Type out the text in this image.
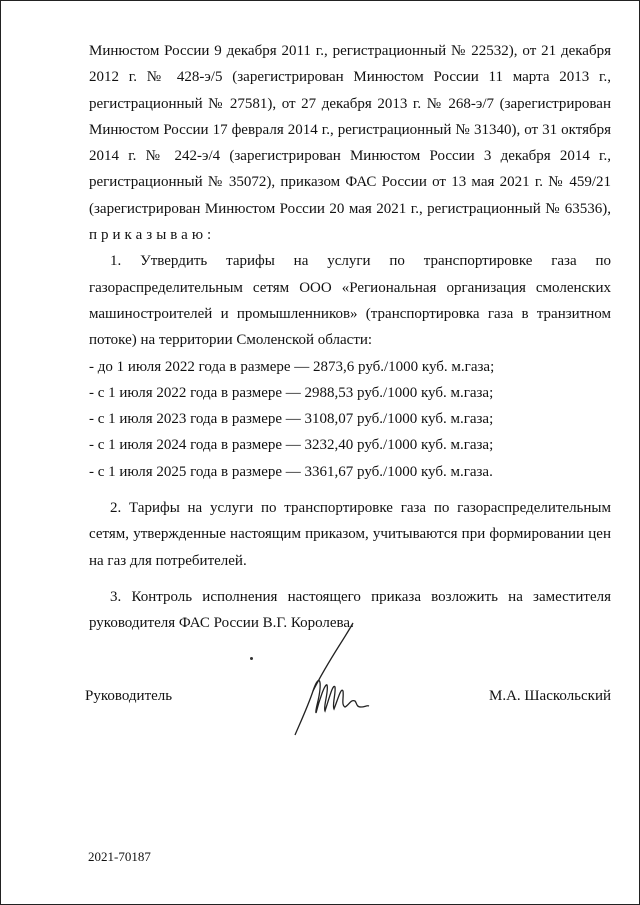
Минюстом России 9 декабря 2011 г., регистрационный № 22532), от 21 декабря

2012 г. № 428-э/5 (зарегистрирован Минюстом России 11 марта 2013 г.,

регистрационный № 27581), от 27 декабря 2013 г. № 268-э/7 (зарегистрирован

Минюстом России 17 февраля 2014 г., регистрационный № 31340), от 31 октября

2014 г. № 242-э/4 (зарегистрирован Минюстом России 3 декабря 2014 г.,

регистрационный № 35072), приказом ФАС России от 13 мая 2021 г. № 459/21

(зарегистрирован Минюстом России 20 мая 2021 г., регистрационный № 63536),

приказываю:

1. Утвердить тарифы на услуги по транспортировке газа по

газораспределительным сетям ООО «Региональная организация смоленских

машиностроителей и промышленников» (транспортировка газа в транзитном

потоке) на территории Смоленской области:

- до 1 июля 2022 года в размере — 2873,6 руб./1000 куб. м.газа;

- с 1 июля 2022 года в размере — 2988,53 руб./1000 куб. м.газа;

- с 1 июля 2023 года в размере — 3108,07 руб./1000 куб. м.газа;

- с 1 июля 2024 года в размере — 3232,40 руб./1000 куб. м.газа;

- с 1 июля 2025 года в размере — 3361,67 руб./1000 куб. м.газа.

2. Тарифы на услуги по транспортировке газа по газораспределительным

сетям, утвержденные настоящим приказом, учитываются при формировании цен

на газ для потребителей.

3. Контроль исполнения настоящего приказа возложить на заместителя

руководителя ФАС России В.Г. Королева.

Руководитель	М.А. Шаскольский

2021-70187
